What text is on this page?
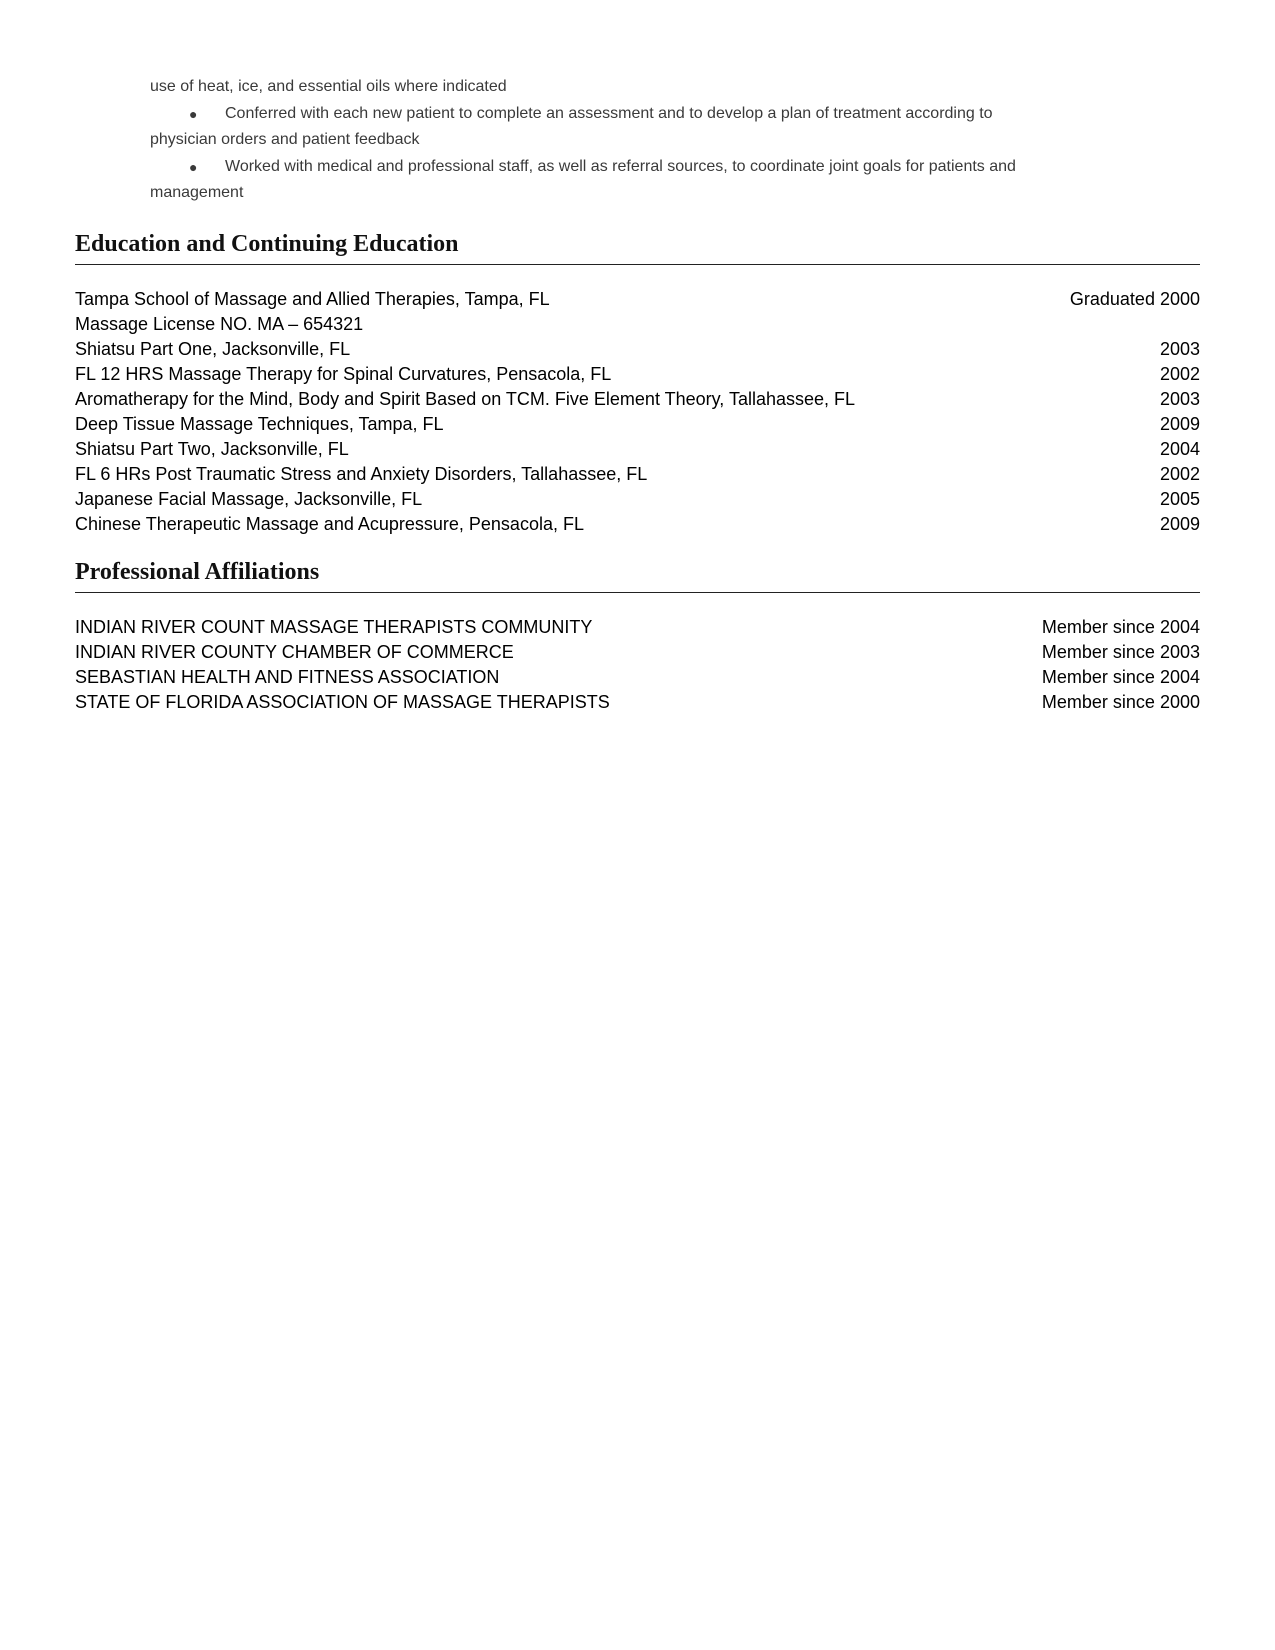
use of heat, ice, and essential oils where indicated
● Conferred with each new patient to complete an assessment and to develop a plan of treatment according to
physician orders and patient feedback
● Worked with medical and professional staff, as well as referral sources, to coordinate joint goals for patients and
management
Education and Continuing Education
Tampa School of Massage and Allied Therapies, Tampa, FL	Graduated 2000
Massage License NO. MA – 654321
Shiatsu Part One, Jacksonville, FL	2003
FL 12 HRS Massage Therapy for Spinal Curvatures, Pensacola, FL	2002
Aromatherapy for the Mind, Body and Spirit Based on TCM. Five Element Theory, Tallahassee, FL	2003
Deep Tissue Massage Techniques, Tampa, FL	2009
Shiatsu Part Two, Jacksonville, FL	2004
FL 6 HRs Post Traumatic Stress and Anxiety Disorders, Tallahassee, FL	2002
Japanese Facial Massage, Jacksonville, FL	2005
Chinese Therapeutic Massage and Acupressure, Pensacola, FL	2009
Professional Affiliations
INDIAN RIVER COUNT MASSAGE THERAPISTS COMMUNITY	Member since 2004
INDIAN RIVER COUNTY CHAMBER OF COMMERCE	Member since 2003
SEBASTIAN HEALTH AND FITNESS ASSOCIATION	Member since 2004
STATE OF FLORIDA ASSOCIATION OF MASSAGE THERAPISTS	Member since 2000
